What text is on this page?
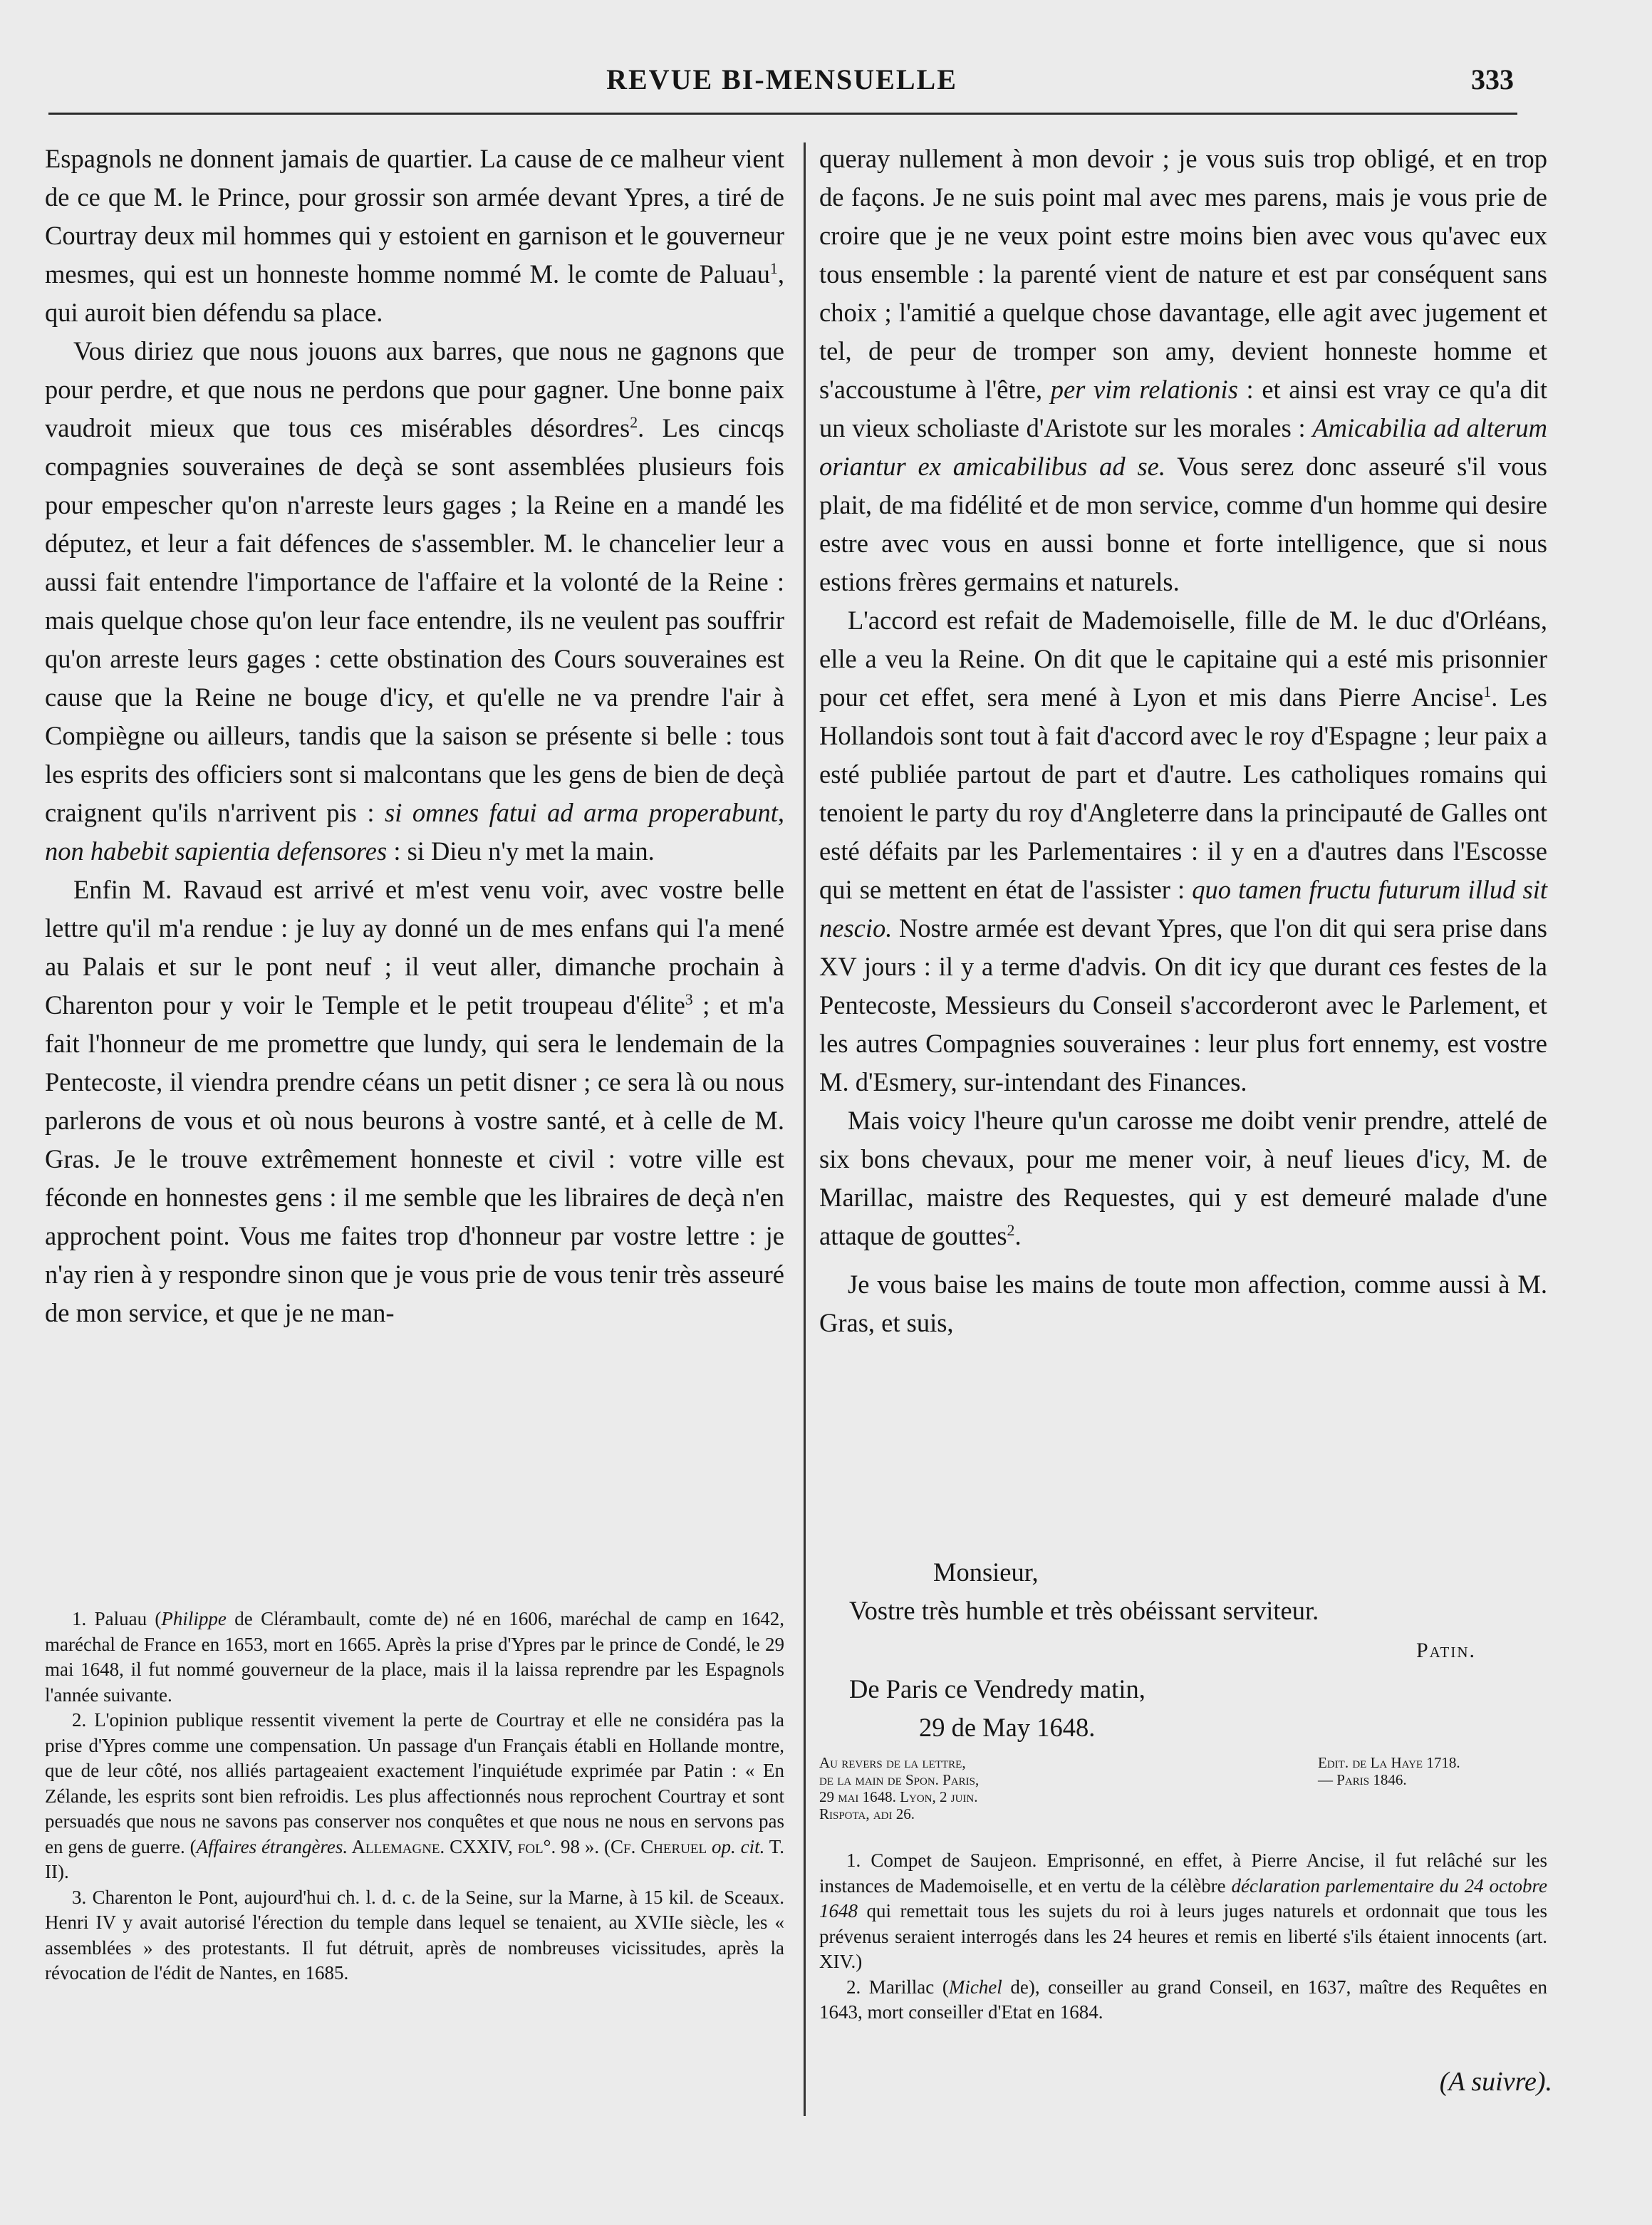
REVUE BI-MENSUELLE	333

Espagnols ne donnent jamais de quartier. La cause de ce malheur vient de ce que M. le Prince, pour grossir son armée devant Ypres, a tiré de Courtray deux mil hommes qui y estoient en garnison et le gouverneur mesmes, qui est un honneste homme nommé M. le comte de Paluau$^1$, qui auroit bien défendu sa place.

Vous diriez que nous jouons aux barres, que nous ne gagnons que pour perdre, et que nous ne perdons que pour gagner. Une bonne paix vaudroit mieux que tous ces misérables désordres$^2$. Les cincqs compagnies souveraines de deçà se sont assemblées plusieurs fois pour empescher qu'on n'arreste leurs gages ; la Reine en a mandé les députez, et leur a fait défences de s'assembler. M. le chancelier leur a aussi fait entendre l'importance de l'affaire et la volonté de la Reine : mais quelque chose qu'on leur face entendre, ils ne veulent pas souffrir qu'on arreste leurs gages : cette obstination des Cours souveraines est cause que la Reine ne bouge d'icy, et qu'elle ne va prendre l'air à Compiègne ou ailleurs, tandis que la saison se présente si belle : tous les esprits des officiers sont si malcontans que les gens de bien de deçà craignent qu'ils n'arrivent pis : si omnes fatui ad arma properabunt, non habebit sapientia defensores : si Dieu n'y met la main.

Enfin M. Ravaud est arrivé et m'est venu voir, avec vostre belle lettre qu'il m'a rendue : je luy ay donné un de mes enfans qui l'a mené au Palais et sur le pont neuf ; il veut aller, dimanche prochain à Charenton pour y voir le Temple et le petit troupeau d'élite$^3$ ; et m'a fait l'honneur de me promettre que lundy, qui sera le lendemain de la Pentecoste, il viendra prendre céans un petit disner ; ce sera là ou nous parlerons de vous et où nous beurons à vostre santé, et à celle de M. Gras. Je le trouve extrêmement honneste et civil : votre ville est féconde en honnestes gens : il me semble que les libraires de deçà n'en approchent point. Vous me faites trop d'honneur par vostre lettre : je n'ay rien à y respondre sinon que je vous prie de vous tenir très asseuré de mon service, et que je ne man-

1. Paluau (Philippe de Clérambault, comte de) né en 1606, maréchal de camp en 1642, maréchal de France en 1653, mort en 1665. Après la prise d'Ypres par le prince de Condé, le 29 mai 1648, il fut nommé gouverneur de la place, mais il la laissa reprendre par les Espagnols l'année suivante.

2. L'opinion publique ressentit vivement la perte de Courtray et elle ne considéra pas la prise d'Ypres comme une compensation. Un passage d'un Français établi en Hollande montre, que de leur côté, nos alliés partageaient exactement l'inquiétude exprimée par Patin : « En Zélande, les esprits sont bien refroidis. Les plus affectionnés nous reprochent Courtray et sont persuadés que nous ne savons pas conserver nos conquêtes et que nous ne nous en servons pas en gens de guerre. (Affaires étrangères. Allemagne. CXXIV, fol°. 98 ». (Cf. Cheruel op. cit. T. II).

3. Charenton le Pont, aujourd'hui ch. l. d. c. de la Seine, sur la Marne, à 15 kil. de Sceaux. Henri IV y avait autorisé l'érection du temple dans lequel se tenaient, au XVIIe siècle, les « assemblées » des protestants. Il fut détruit, après de nombreuses vicissitudes, après la révocation de l'édit de Nantes, en 1685.

queray nullement à mon devoir ; je vous suis trop obligé, et en trop de façons. Je ne suis point mal avec mes parens, mais je vous prie de croire que je ne veux point estre moins bien avec vous qu'avec eux tous ensemble : la parenté vient de nature et est par conséquent sans choix ; l'amitié a quelque chose davantage, elle agit avec jugement et tel, de peur de tromper son amy, devient honneste homme et s'accoustume à l'être, per vim relationis : et ainsi est vray ce qu'a dit un vieux scholiaste d'Aristote sur les morales : Amicabilia ad alterum oriantur ex amicabilibus ad se. Vous serez donc asseuré s'il vous plait, de ma fidélité et de mon service, comme d'un homme qui desire estre avec vous en aussi bonne et forte intelligence, que si nous estions frères germains et naturels.

L'accord est refait de Mademoiselle, fille de M. le duc d'Orléans, elle a veu la Reine. On dit que le capitaine qui a esté mis prisonnier pour cet effet, sera mené à Lyon et mis dans Pierre Ancise$^1$. Les Hollandois sont tout à fait d'accord avec le roy d'Espagne ; leur paix a esté publiée partout de part et d'autre. Les catholiques romains qui tenoient le party du roy d'Angleterre dans la principauté de Galles ont esté défaits par les Parlementaires : il y en a d'autres dans l'Escosse qui se mettent en état de l'assister : quo tamen fructu futurum illud sit nescio. Nostre armée est devant Ypres, que l'on dit qui sera prise dans XV jours : il y a terme d'advis. On dit icy que durant ces festes de la Pentecoste, Messieurs du Conseil s'accorderont avec le Parlement, et les autres Compagnies souveraines : leur plus fort ennemy, est vostre M. d'Esmery, sur-intendant des Finances.

Mais voicy l'heure qu'un carosse me doibt venir prendre, attelé de six bons chevaux, pour me mener voir, à neuf lieues d'icy, M. de Marillac, maistre des Requestes, qui y est demeuré malade d'une attaque de gouttes$^2$.

Je vous baise les mains de toute mon affection, comme aussi à M. Gras, et suis,

Monsieur,
Vostre très humble et très obéissant serviteur.
Patin.
De Paris ce Vendredy matin,
29 de May 1648.
Au revers de la lettre,
de la main de Spon. Paris,
29 mai 1648. Lyon, 2 juin.
Rispota, adi 26.
Edit. de La Haye 1718.
— Paris 1846.

1. Compet de Saujeon. Emprisonné, en effet, à Pierre Ancise, il fut relâché sur les instances de Mademoiselle, et en vertu de la célèbre déclaration parlementaire du 24 octobre 1648 qui remettait tous les sujets du roi à leurs juges naturels et ordonnait que tous les prévenus seraient interrogés dans les 24 heures et remis en liberté s'ils étaient innocents (art. XIV.)

2. Marillac (Michel de), conseiller au grand Conseil, en 1637, maître des Requêtes en 1643, mort conseiller d'Etat en 1684.

(A suivre).
